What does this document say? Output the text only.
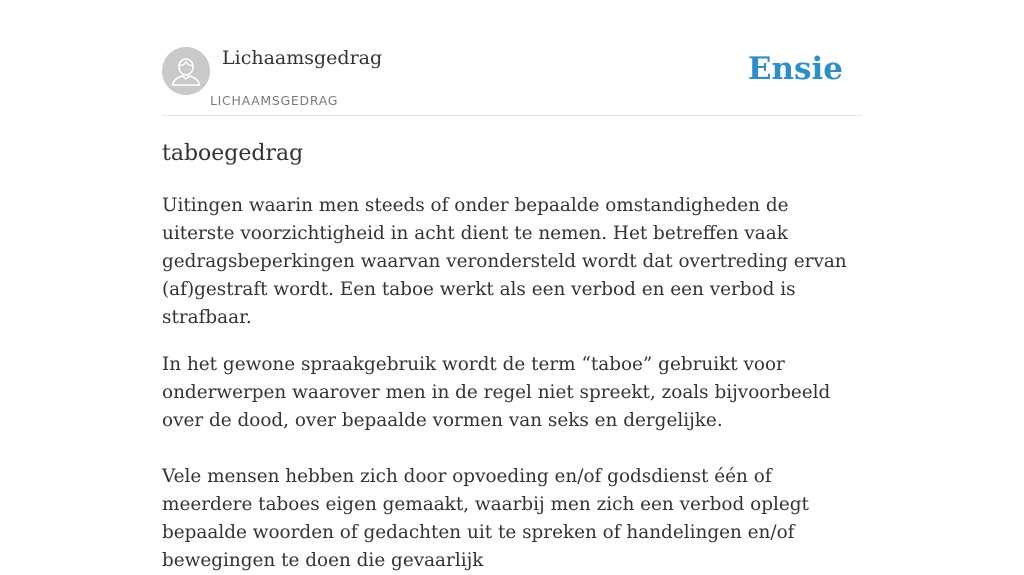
Lichaamsgedrag
LICHAAMSGEDRAG
Ensie
taboegedrag

Uitingen waarin men steeds of onder bepaalde omstandigheden de uiterste voorzichtigheid in acht dient te nemen. Het betreffen vaak gedragsbeperkingen waarvan verondersteld wordt dat overtreding ervan (af)gestraft wordt. Een taboe werkt als een verbod en een verbod is strafbaar.

In het gewone spraakgebruik wordt de term “taboe” gebruikt voor onderwerpen waarover men in de regel niet spreekt, zoals bijvoorbeeld over de dood, over bepaalde vormen van seks en dergelijke.

Vele mensen hebben zich door opvoeding en/of godsdienst één of meerdere taboes eigen gemaakt, waarbij men zich een verbod oplegt bepaalde woorden of gedachten uit te spreken of handelingen en/of bewegingen te doen die gevaarlijk
